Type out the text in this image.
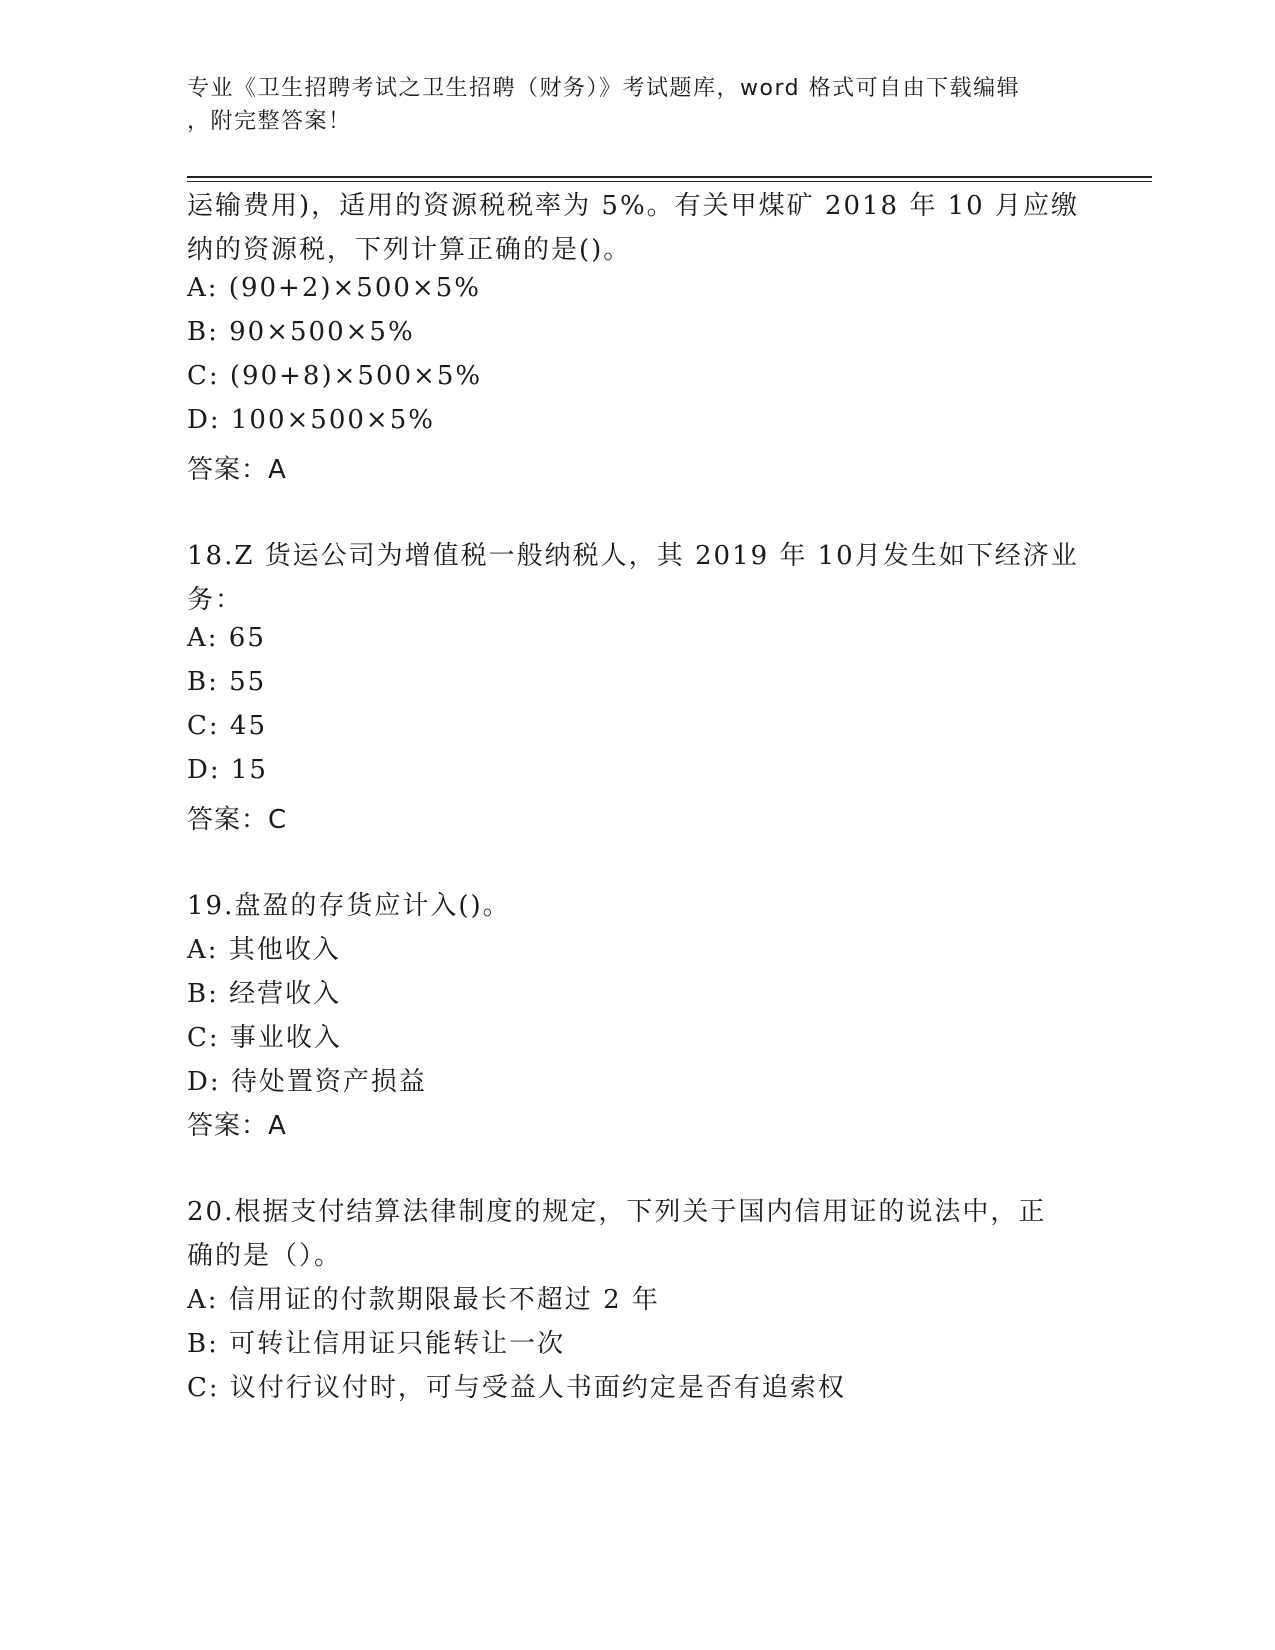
专业《卫生招聘考试之卫生招聘（财务）》考试题库，word 格式可自由下载编辑
，附完整答案！
运输费用)，适用的资源税税率为 5%。有关甲煤矿 2018 年 10 月应缴
纳的资源税，下列计算正确的是()。
A: (90+2)×500×5%
B: 90×500×5%
C: (90+8)×500×5%
D: 100×500×5%
答案：A
18.Z 货运公司为增值税一般纳税人，其 2019 年 10月发生如下经济业
务：
A: 65
B: 55
C: 45
D: 15
答案：C
19.盘盈的存货应计入()。
A: 其他收入
B: 经营收入
C: 事业收入
D: 待处置资产损益
答案：A
20.根据支付结算法律制度的规定，下列关于国内信用证的说法中，正
确的是（）。
A: 信用证的付款期限最长不超过 2 年
B: 可转让信用证只能转让一次
C: 议付行议付时，可与受益人书面约定是否有追索权
